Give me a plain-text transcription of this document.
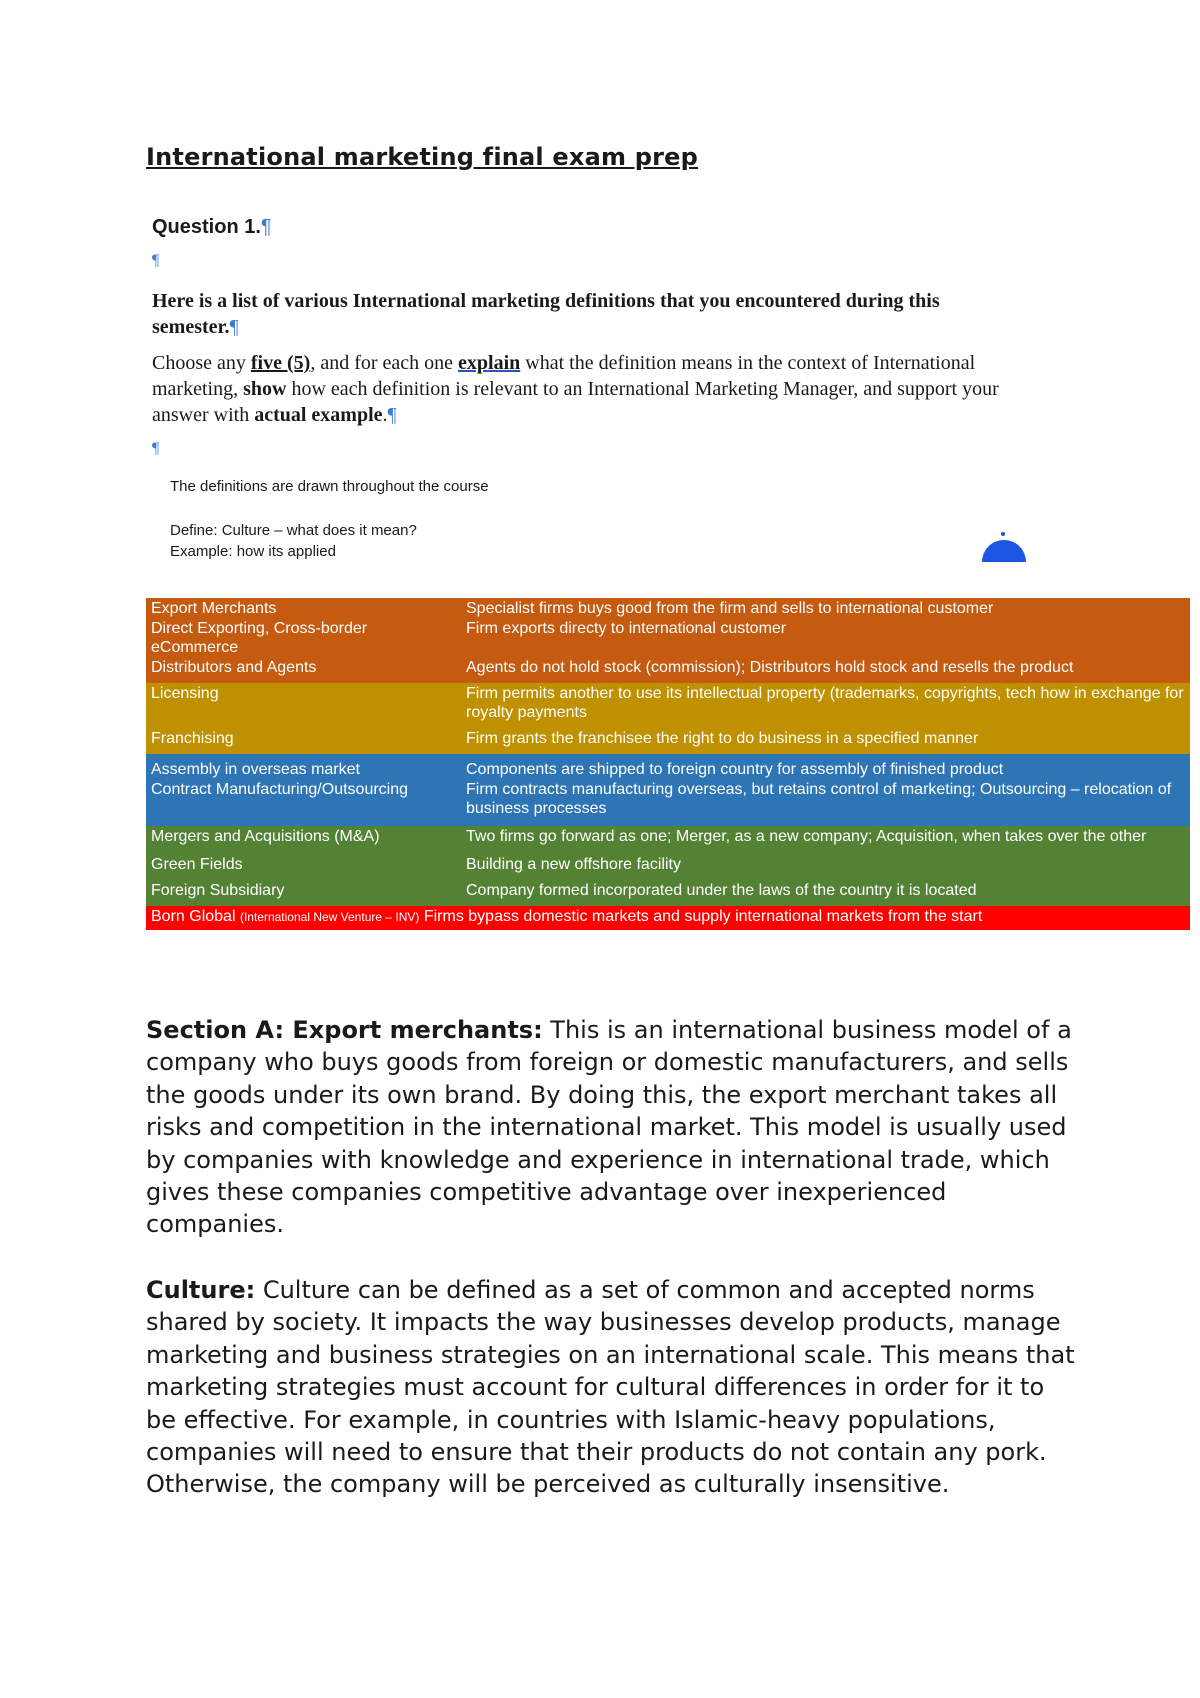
International marketing final exam prep
Question 1.¶
¶
Here is a list of various International marketing definitions that you encountered during this semester.¶
Choose any five (5), and for each one explain what the definition means in the context of International marketing, show how each definition is relevant to an International Marketing Manager, and support your answer with actual example.¶
¶
The definitions are drawn throughout the course
Define: Culture – what does it mean?
Example: how its applied
Export Merchants	Specialist firms buys good from the firm and sells to international customer
Direct Exporting, Cross-border eCommerce	Firm exports directy to international customer
Distributors and Agents	Agents do not hold stock (commission); Distributors hold stock and resells the product
Licensing	Firm permits another to use its intellectual property (trademarks, copyrights, tech how in exchange for royalty payments
Franchising	Firm grants the franchisee the right to do business in a specified manner
Assembly in overseas market	Components are shipped to foreign country for assembly of finished product
Contract Manufacturing/Outsourcing	Firm contracts manufacturing overseas, but retains control of marketing; Outsourcing – relocation of business processes
Mergers and Acquisitions (M&A)	Two firms go forward as one; Merger, as a new company; Acquisition, when takes over the other
Green Fields	Building a new offshore facility
Foreign Subsidiary	Company formed incorporated under the laws of the country it is located
Born Global (International New Venture – INV) Firms bypass domestic markets and supply international markets from the start	
Section A: Export merchants: This is an international business model of a company who buys goods from foreign or domestic manufacturers, and sells the goods under its own brand. By doing this, the export merchant takes all risks and competition in the international market. This model is usually used by companies with knowledge and experience in international trade, which gives these companies competitive advantage over inexperienced companies.
Culture: Culture can be defined as a set of common and accepted norms shared by society. It impacts the way businesses develop products, manage marketing and business strategies on an international scale. This means that marketing strategies must account for cultural differences in order for it to be effective. For example, in countries with Islamic-heavy populations, companies will need to ensure that their products do not contain any pork. Otherwise, the company will be perceived as culturally insensitive.
